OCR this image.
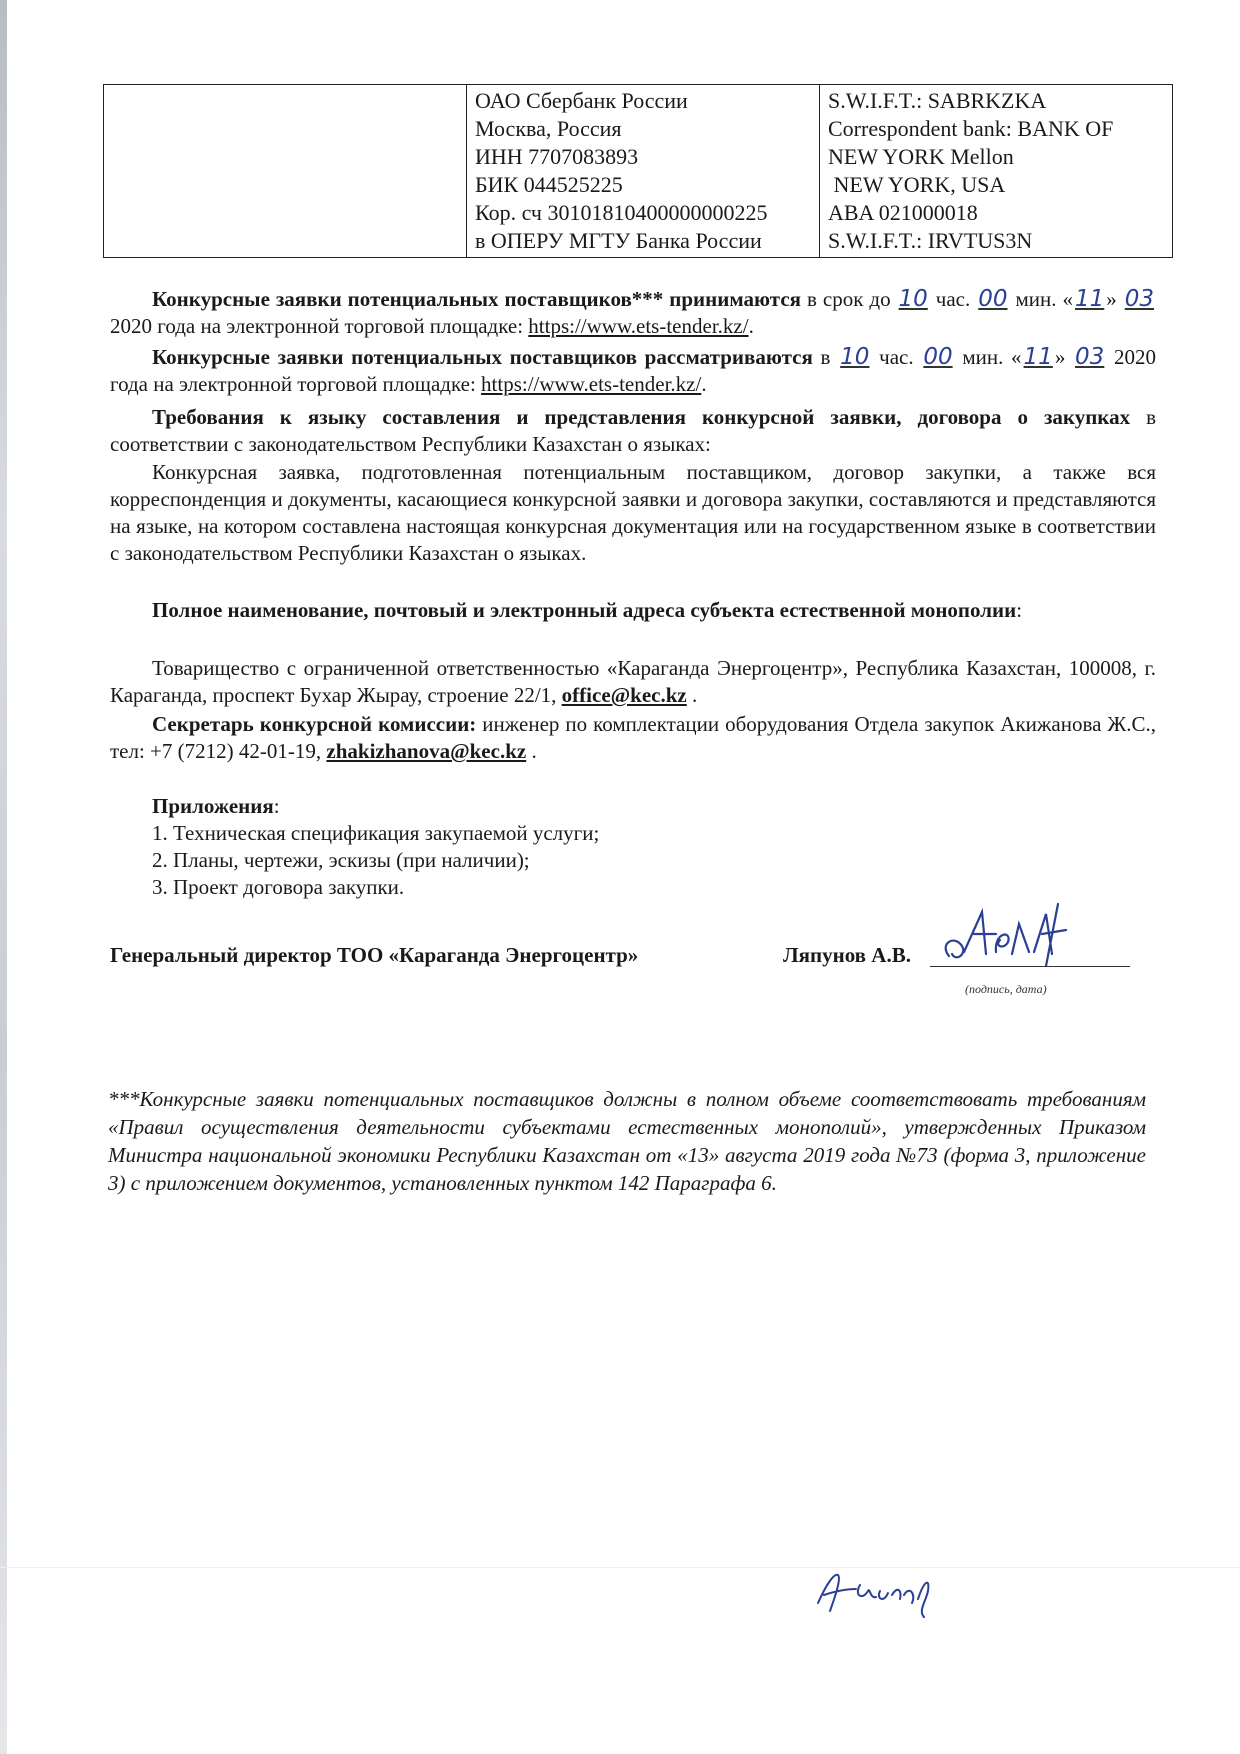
ОАО Сбербанк России
Москва, Россия
ИНН 7707083893
БИК 044525225
Кор. сч 30101810400000000225
в ОПЕРУ МГТУ Банка России
S.W.I.F.T.: SABRKZKA
Correspondent bank: BANK OF
NEW YORK Mellon
NEW YORK, USA
ABA 021000018
S.W.I.F.T.: IRVTUS3N

Конкурсные заявки потенциальных поставщиков*** принимаются в срок до 10 час. 00 мин. «11» 03 2020 года на электронной торговой площадке: https://www.ets-tender.kz/.

Конкурсные заявки потенциальных поставщиков рассматриваются в 10 час. 00 мин. «11» 03 2020 года на электронной торговой площадке: https://www.ets-tender.kz/.

Требования к языку составления и представления конкурсной заявки, договора о закупках в соответствии с законодательством Республики Казахстан о языках:

Конкурсная заявка, подготовленная потенциальным поставщиком, договор закупки, а также вся корреспонденция и документы, касающиеся конкурсной заявки и договора закупки, составляются и представляются на языке, на котором составлена настоящая конкурсная документация или на государственном языке в соответствии с законодательством Республики Казахстан о языках.

Полное наименование, почтовый и электронный адреса субъекта естественной монополии:

Товарищество с ограниченной ответственностью «Караганда Энергоцентр», Республика Казахстан, 100008, г. Караганда, проспект Бухар Жырау, строение 22/1, office@kec.kz .

Секретарь конкурсной комиссии: инженер по комплектации оборудования Отдела закупок Акижанова Ж.С., тел: +7 (7212) 42-01-19, zhakizhanova@kec.kz .

Приложения:

1. Техническая спецификация закупаемой услуги;
2. Планы, чертежи, эскизы (при наличии);
3. Проект договора закупки.
Генеральный директор ТОО «Караганда Энергоцентр»	Ляпунов А.В.
(подпись, дата)

***Конкурсные заявки потенциальных поставщиков должны в полном объеме соответствовать требованиям «Правил осуществления деятельности субъектами естественных монополий», утвержденных Приказом Министра национальной экономики Республики Казахстан от «13» августа 2019 года №73 (форма 3, приложение 3) с приложением документов, установленных пунктом 142 Параграфа 6.
